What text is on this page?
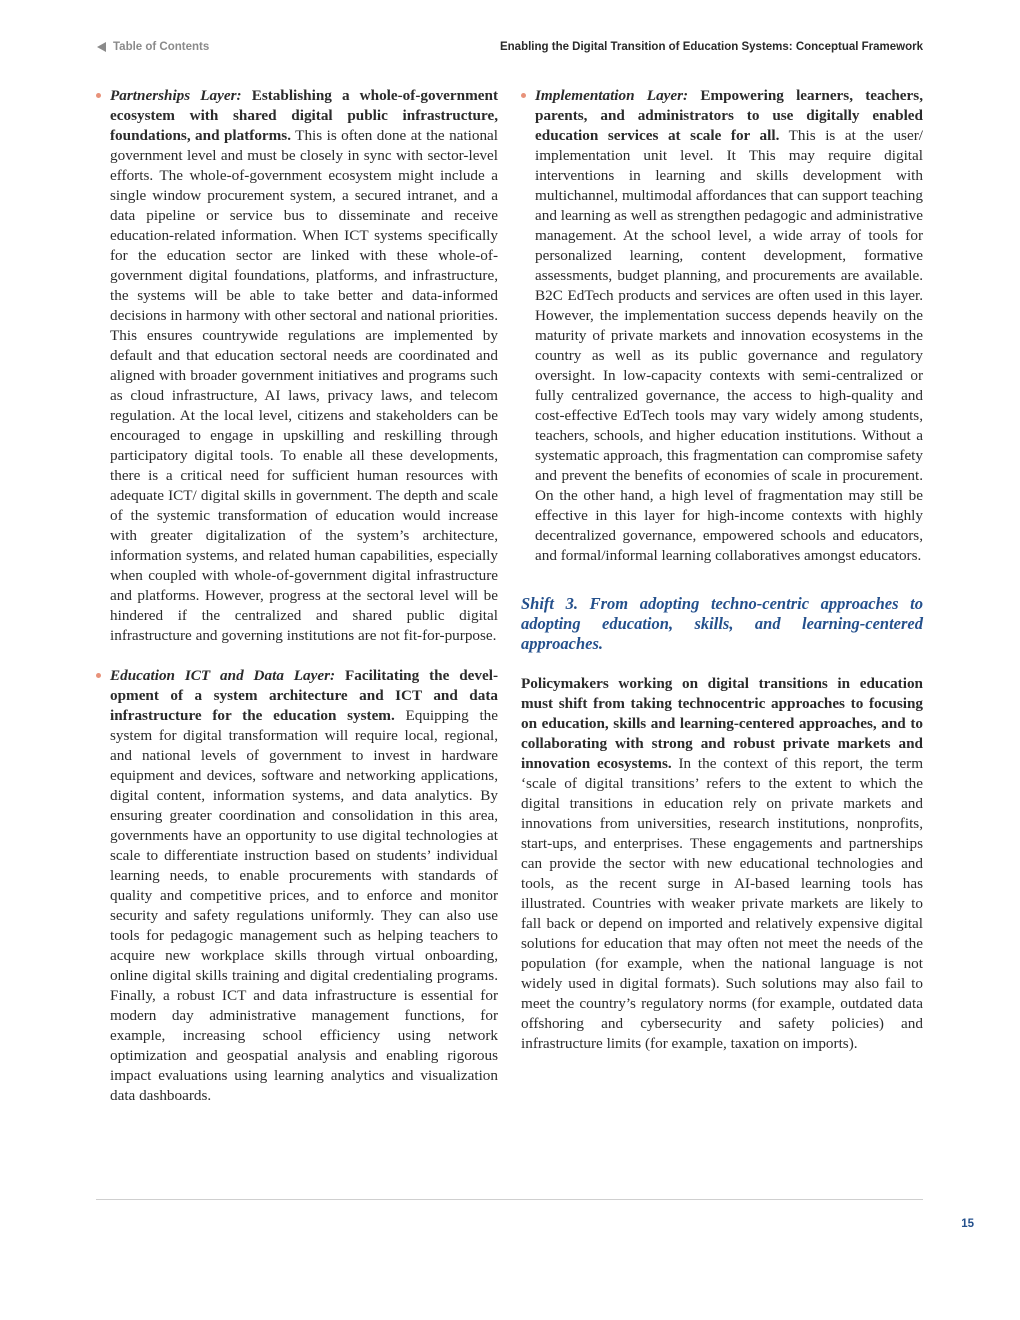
Table of Contents	Enabling the Digital Transition of Education Systems: Conceptual Framework
Partnerships Layer: Establishing a whole-of-government ecosystem with shared digital public infrastructure, foundations, and platforms. This is often done at the national government level and must be closely in sync with sector-level efforts. The whole-of-government ecosystem might include a single window procurement system, a secured intranet, and a data pipeline or service bus to disseminate and receive education-related information. When ICT systems specifically for the education sector are linked with these whole-of-government digital foundations, platforms, and infrastructure, the systems will be able to take better and data-informed decisions in harmony with other sectoral and national priorities. This ensures countrywide regulations are implemented by default and that education sectoral needs are coordinated and aligned with broader government initiatives and programs such as cloud infrastructure, AI laws, privacy laws, and telecom regulation. At the local level, citizens and stakeholders can be encouraged to engage in upskilling and reskilling through participatory digital tools. To enable all these developments, there is a critical need for sufficient human resources with adequate ICT/ digital skills in government. The depth and scale of the systemic transformation of education would increase with greater digitalization of the system’s architecture, information systems, and related human capabilities, especially when coupled with whole-of-government digital infrastructure and platforms. However, progress at the sectoral level will be hindered if the centralized and shared public digital infrastructure and governing institutions are not fit-for-purpose.
Education ICT and Data Layer: Facilitating the development of a system architecture and ICT and data infrastructure for the education system. Equipping the system for digital transformation will require local, regional, and national levels of government to invest in hardware equipment and devices, software and networking applications, digital content, information systems, and data analytics. By ensuring greater coordination and consolidation in this area, governments have an opportunity to use digital technologies at scale to differentiate instruction based on students’ individual learning needs, to enable procurements with standards of quality and competitive prices, and to enforce and monitor security and safety regulations uniformly. They can also use tools for pedagogic management such as helping teachers to acquire new workplace skills through virtual onboarding, online digital skills training and digital credentialing programs. Finally, a robust ICT and data infrastructure is essential for modern day administrative management functions, for example, increasing school efficiency using network optimization and geospatial analysis and enabling rigorous impact evaluations using learning analytics and visualization data dashboards.
Implementation Layer: Empowering learners, teachers, parents, and administrators to use digitally enabled education services at scale for all. This is at the user/ implementation unit level. It This may require digital interventions in learning and skills development with multichannel, multimodal affordances that can support teaching and learning as well as strengthen pedagogic and administrative management. At the school level, a wide array of tools for personalized learning, content development, formative assessments, budget planning, and procurements are available. B2C EdTech products and services are often used in this layer. However, the implementation success depends heavily on the maturity of private markets and innovation ecosystems in the country as well as its public governance and regulatory oversight. In low-capacity contexts with semi-centralized or fully centralized governance, the access to high-quality and cost-effective EdTech tools may vary widely among students, teachers, schools, and higher education institutions. Without a systematic approach, this fragmentation can compromise safety and prevent the benefits of economies of scale in procurement. On the other hand, a high level of fragmentation may still be effective in this layer for high-income contexts with highly decentralized governance, empowered schools and educators, and formal/informal learning collaboratives amongst educators.
Shift 3. From adopting techno-centric approaches to adopting education, skills, and learning-centered approaches.

Policymakers working on digital transitions in education must shift from taking technocentric approaches to focusing on education, skills and learning-centered approaches, and to collaborating with strong and robust private markets and innovation ecosystems. In the context of this report, the term ‘scale of digital transitions’ refers to the extent to which the digital transitions in education rely on private markets and innovations from universities, research institutions, nonprofits, start-ups, and enterprises. These engagements and partnerships can provide the sector with new educational technologies and tools, as the recent surge in AI-based learning tools has illustrated. Countries with weaker private markets are likely to fall back or depend on imported and relatively expensive digital solutions for education that may often not meet the needs of the population (for example, when the national language is not widely used in digital formats). Such solutions may also fail to meet the country’s regulatory norms (for example, outdated data offshoring and cybersecurity and safety policies) and infrastructure limits (for example, taxation on imports).

15
